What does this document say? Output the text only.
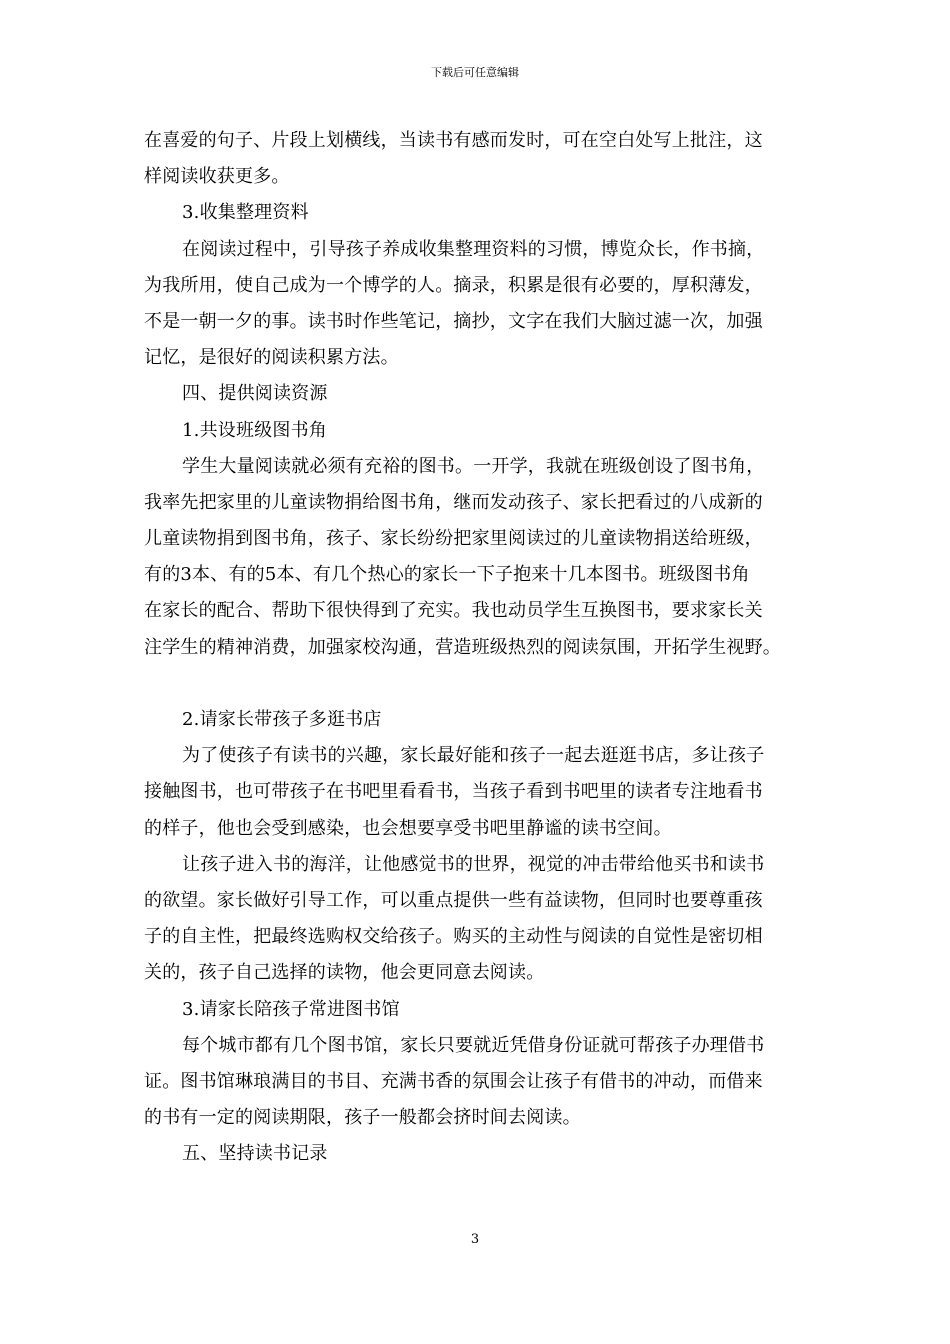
下载后可任意编辑
在喜爱的句子、片段上划横线，当读书有感而发时，可在空白处写上批注，这
样阅读收获更多。
3.收集整理资料
在阅读过程中，引导孩子养成收集整理资料的习惯，博览众长，作书摘，
为我所用，使自己成为一个博学的人。摘录，积累是很有必要的，厚积薄发，
不是一朝一夕的事。读书时作些笔记，摘抄，文字在我们大脑过滤一次，加强
记忆，是很好的阅读积累方法。
四、提供阅读资源
1.共设班级图书角
学生大量阅读就必须有充裕的图书。一开学，我就在班级创设了图书角，
我率先把家里的儿童读物捐给图书角，继而发动孩子、家长把看过的八成新的
儿童读物捐到图书角，孩子、家长纷纷把家里阅读过的儿童读物捐送给班级，
有的3本、有的5本、有几个热心的家长一下子抱来十几本图书。班级图书角
在家长的配合、帮助下很快得到了充实。我也动员学生互换图书，要求家长关
注学生的精神消费，加强家校沟通，营造班级热烈的阅读氛围，开拓学生视野。
2.请家长带孩子多逛书店
为了使孩子有读书的兴趣，家长最好能和孩子一起去逛逛书店，多让孩子
接触图书，也可带孩子在书吧里看看书，当孩子看到书吧里的读者专注地看书
的样子，他也会受到感染，也会想要享受书吧里静谧的读书空间。
让孩子进入书的海洋，让他感觉书的世界，视觉的冲击带给他买书和读书
的欲望。家长做好引导工作，可以重点提供一些有益读物，但同时也要尊重孩
子的自主性，把最终选购权交给孩子。购买的主动性与阅读的自觉性是密切相
关的，孩子自己选择的读物，他会更同意去阅读。
3.请家长陪孩子常进图书馆
每个城市都有几个图书馆，家长只要就近凭借身份证就可帮孩子办理借书
证。图书馆琳琅满目的书目、充满书香的氛围会让孩子有借书的冲动，而借来
的书有一定的阅读期限，孩子一般都会挤时间去阅读。
五、坚持读书记录
3
